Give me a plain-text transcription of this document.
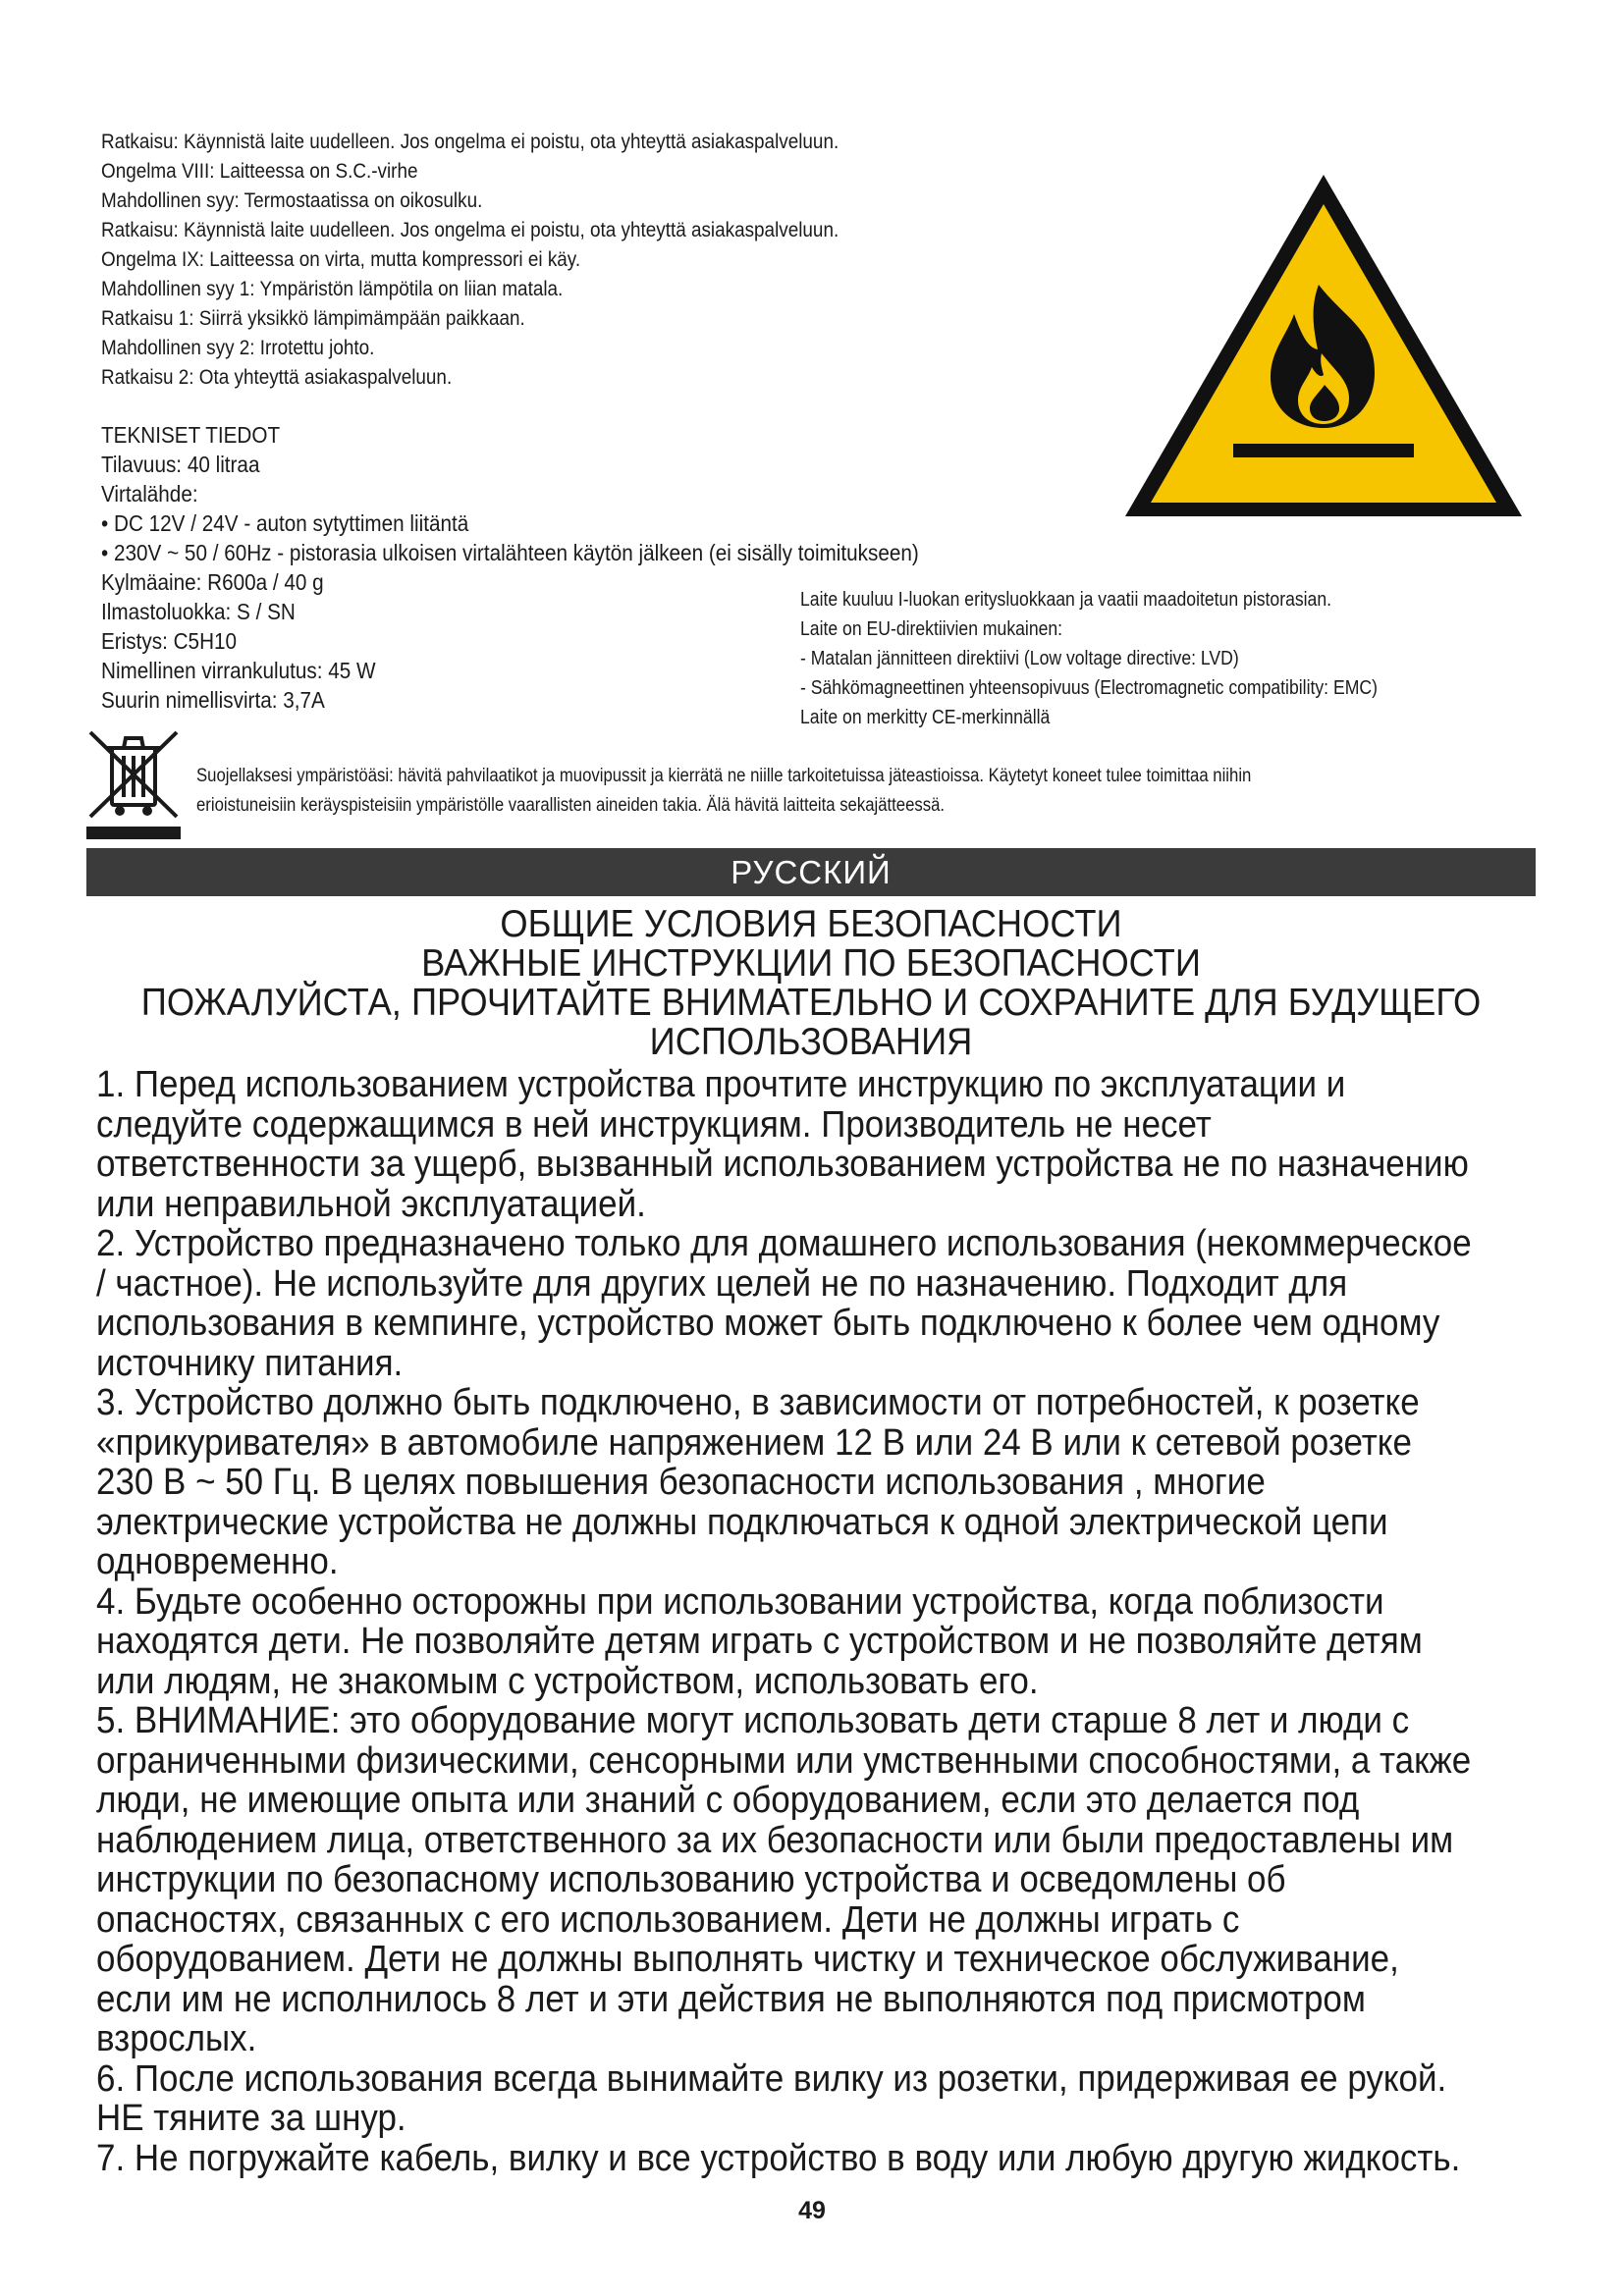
Ratkaisu: Käynnistä laite uudelleen. Jos ongelma ei poistu, ota yhteyttä asiakaspalveluun.
Ongelma VIII: Laitteessa on S.C.-virhe
Mahdollinen syy: Termostaatissa on oikosulku.
Ratkaisu: Käynnistä laite uudelleen. Jos ongelma ei poistu, ota yhteyttä asiakaspalveluun.
Ongelma IX: Laitteessa on virta, mutta kompressori ei käy.
Mahdollinen syy 1: Ympäristön lämpötila on liian matala.
Ratkaisu 1: Siirrä yksikkö lämpimämpään paikkaan.
Mahdollinen syy 2: Irrotettu johto.
Ratkaisu 2: Ota yhteyttä asiakaspalveluun.
TEKNISET TIEDOT
Tilavuus: 40 litraa
Virtalähde:
• DC 12V / 24V - auton sytyttimen liitäntä
• 230V ~ 50 / 60Hz - pistorasia ulkoisen virtalähteen käytön jälkeen (ei sisälly toimitukseen)
Kylmäaine: R600a / 40 g
Ilmastoluokka: S / SN
Eristys: C5H10
Nimellinen virrankulutus: 45 W
Suurin nimellisvirta: 3,7A
Laite kuuluu I-luokan eritysluokkaan ja vaatii maadoitetun pistorasian.
Laite on EU-direktiivien mukainen:
- Matalan jännitteen direktiivi (Low voltage directive: LVD)
- Sähkömagneettinen yhteensopivuus (Electromagnetic compatibility: EMC)
Laite on merkitty CE-merkinnällä
Suojellaksesi ympäristöäsi: hävitä pahvilaatikot ja muovipussit ja kierrätä ne niille tarkoitetuissa jäteastioissa. Käytetyt koneet tulee toimittaa niihin
erioistuneisiin keräyspisteisiin ympäristölle vaarallisten aineiden takia. Älä hävitä laitteita sekajätteessä.
РУССКИЙ
ОБЩИЕ УСЛОВИЯ БЕЗОПАСНОСТИ
ВАЖНЫЕ ИНСТРУКЦИИ ПО БЕЗОПАСНОСТИ
ПОЖАЛУЙСТА, ПРОЧИТАЙТЕ ВНИМАТЕЛЬНО И СОХРАНИТЕ ДЛЯ БУДУЩЕГО
ИСПОЛЬЗОВАНИЯ
1. Перед использованием устройства прочтите инструкцию по эксплуатации и
следуйте содержащимся в ней инструкциям. Производитель не несет
ответственности за ущерб, вызванный использованием устройства не по назначению
или неправильной эксплуатацией.
2. Устройство предназначено только для домашнего использования (некоммерческое
/ частное). Не используйте для других целей не по назначению. Подходит для
использования в кемпинге, устройство может быть подключено к более чем одному
источнику питания.
3. Устройство должно быть подключено, в зависимости от потребностей, к розетке
«прикуривателя» в автомобиле напряжением 12 В или 24 В или к сетевой розетке
230 В ~ 50 Гц. В целях повышения безопасности использования , многие
электрические устройства не должны подключаться к одной электрической цепи
одновременно.
4. Будьте особенно осторожны при использовании устройства, когда поблизости
находятся дети. Не позволяйте детям играть с устройством и не позволяйте детям
или людям, не знакомым с устройством, использовать его.
5. ВНИМАНИЕ: это оборудование могут использовать дети старше 8 лет и люди с
ограниченными физическими, сенсорными или умственными способностями, а также
люди, не имеющие опыта или знаний с оборудованием, если это делается под
наблюдением лица, ответственного за их безопасности или были предоставлены им
инструкции по безопасному использованию устройства и осведомлены об
опасностях, связанных с его использованием. Дети не должны играть с
оборудованием. Дети не должны выполнять чистку и техническое обслуживание,
если им не исполнилось 8 лет и эти действия не выполняются под присмотром
взрослых.
6. После использования всегда вынимайте вилку из розетки, придерживая ее рукой.
НЕ тяните за шнур.
7. Не погружайте кабель, вилку и все устройство в воду или любую другую жидкость.
49
